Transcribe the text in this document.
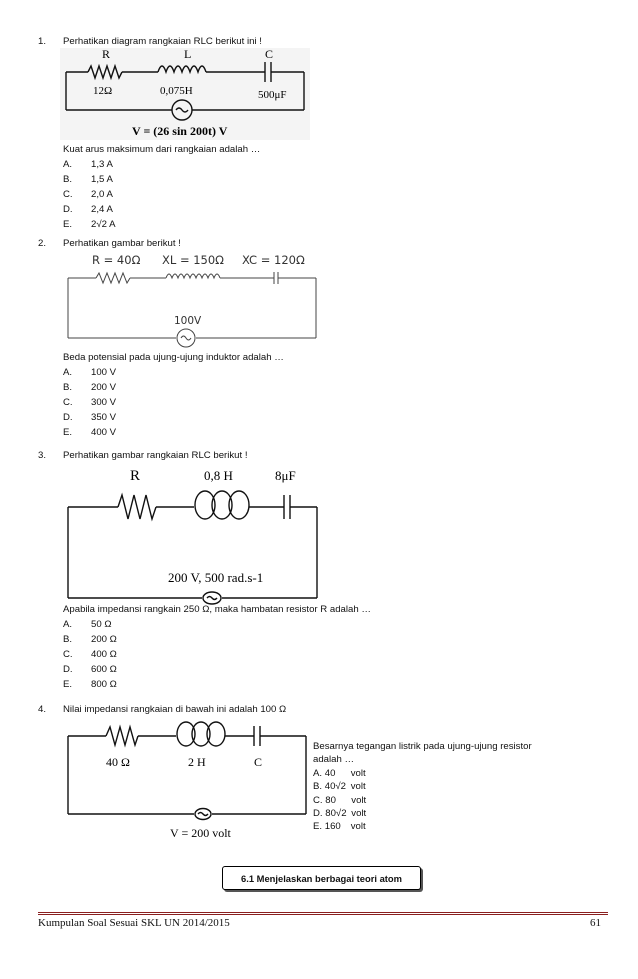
1. Perhatikan diagram rangkaian RLC berikut ini !
R	L	C
12Ω	0,075H	500μF
V = (26 sin 200t) V
Kuat arus maksimum dari rangkaian adalah …
A. 1,3 A
B. 1,5 A
C. 2,0 A
D. 2,4 A
E. 2√2 A
2. Perhatikan gambar berikut !
R = 40Ω XL = 150Ω XC = 120Ω
100V
Beda potensial pada ujung-ujung induktor adalah …
A. 100 V
B. 200 V
C. 300 V
D. 350 V
E. 400 V
3. Perhatikan gambar rangkaian RLC berikut !
R	0,8 H	8μF
200 V, 500 rad.s-1
Apabila impedansi rangkain 250 Ω, maka hambatan resistor R adalah …
A. 50 Ω
B. 200 Ω
C. 400 Ω
D. 600 Ω
E. 800 Ω
4. Nilai impedansi rangkaian di bawah ini adalah 100 Ω
40 Ω	2 H	C
V = 200 volt
Besarnya tegangan listrik pada ujung-ujung resistor
adalah …
A. 40 volt
B. 40√2 volt
C. 80 volt
D. 80√2 volt
E. 160 volt
6.1 Menjelaskan berbagai teori atom
Kumpulan Soal Sesuai SKL UN 2014/2015	61
